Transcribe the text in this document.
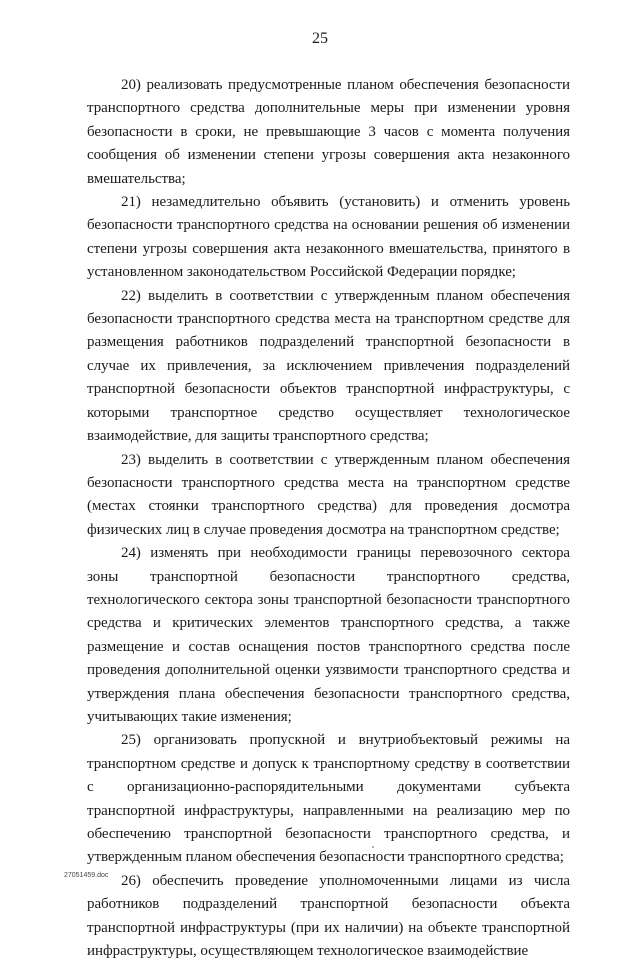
25

20) реализовать предусмотренные планом обеспечения безопасности транспортного средства дополнительные меры при изменении уровня безопасности в сроки, не превышающие 3 часов с момента получения сообщения об изменении степени угрозы совершения акта незаконного вмешательства;

21) незамедлительно объявить (установить) и отменить уровень безопасности транспортного средства на основании решения об изменении степени угрозы совершения акта незаконного вмешательства, принятого в установленном законодательством Российской Федерации порядке;

22) выделить в соответствии с утвержденным планом обеспечения безопасности транспортного средства места на транспортном средстве для размещения работников подразделений транспортной безопасности в случае их привлечения, за исключением привлечения подразделений транспортной безопасности объектов транспортной инфраструктуры, с которыми транспортное средство осуществляет технологическое взаимодействие, для защиты транспортного средства;

23) выделить в соответствии с утвержденным планом обеспечения безопасности транспортного средства места на транспортном средстве (местах стоянки транспортного средства) для проведения досмотра физических лиц в случае проведения досмотра на транспортном средстве;

24) изменять при необходимости границы перевозочного сектора зоны транспортной безопасности транспортного средства, технологического сектора зоны транспортной безопасности транспортного средства и критических элементов транспортного средства, а также размещение и состав оснащения постов транспортного средства после проведения дополнительной оценки уязвимости транспортного средства и утверждения плана обеспечения безопасности транспортного средства, учитывающих такие изменения;

25) организовать пропускной и внутриобъектовый режимы на транспортном средстве и допуск к транспортному средству в соответствии с организационно-распорядительными документами субъекта транспортной инфраструктуры, направленными на реализацию мер по обеспечению транспортной безопасности транспортного средства, и утвержденным планом обеспечения безопасности транспортного средства;

26) обеспечить проведение уполномоченными лицами из числа работников подразделений транспортной безопасности объекта транспортной инфраструктуры (при их наличии) на объекте транспортной инфраструктуры, осуществляющем технологическое взаимодействие

27051459.doc
